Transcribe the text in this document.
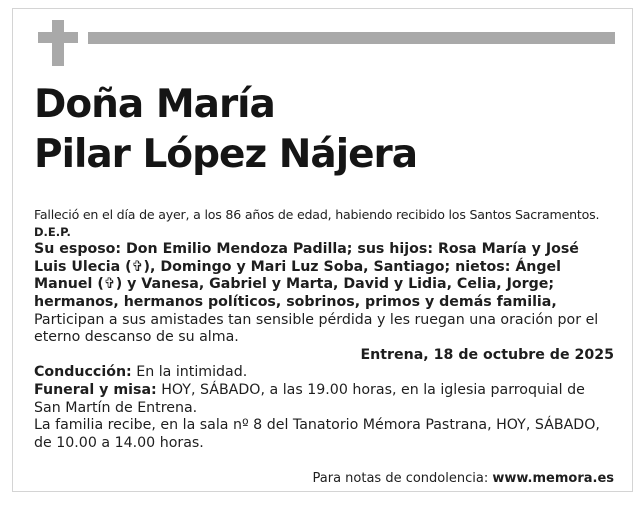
Doña María
Pilar López Nájera

Falleció en el día de ayer, a los 86 años de edad, habiendo recibido los Santos Sacramentos.

D.E.P.

Su esposo: Don Emilio Mendoza Padilla; sus hijos: Rosa María y José Luis Ulecia (✞), Domingo y Mari Luz Soba, Santiago; nietos: Ángel Manuel (✞) y Vanesa, Gabriel y Marta, David y Lidia, Celia, Jorge; hermanos, hermanos políticos, sobrinos, primos y demás familia,

Participan a sus amistades tan sensible pérdida y les ruegan una oración por el eterno descanso de su alma.

Entrena, 18 de octubre de 2025

Conducción: En la intimidad.

Funeral y misa: HOY, SÁBADO, a las 19.00 horas, en la iglesia parroquial de San Martín de Entrena.

La familia recibe, en la sala nº 8 del Tanatorio Mémora Pastrana, HOY, SÁBADO, de 10.00 a 14.00 horas.

Para notas de condolencia: www.memora.es
